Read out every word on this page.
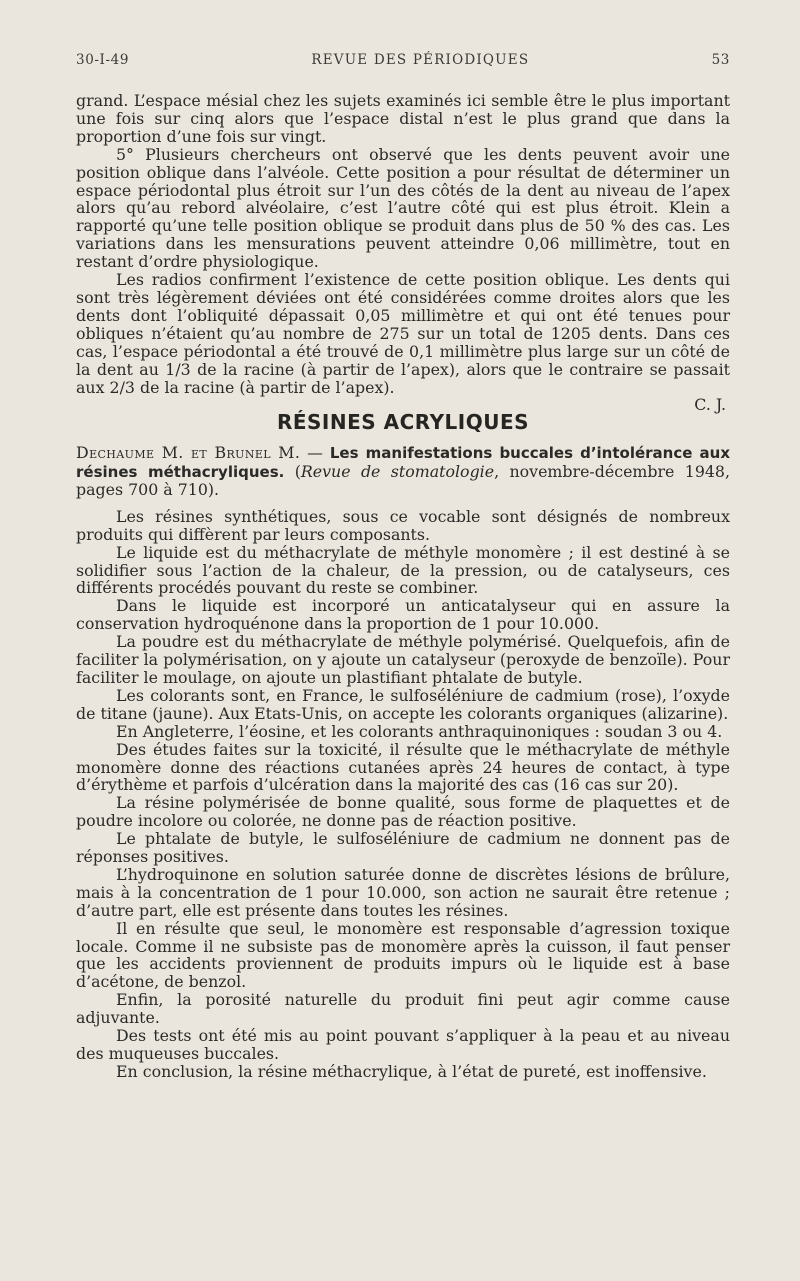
30-I-49	REVUE DES PÉRIODIQUES	53

grand. L’espace mésial chez les sujets examinés ici semble être le plus important une fois sur cinq alors que l’espace distal n’est le plus grand que dans la proportion d’une fois sur vingt.

5° Plusieurs chercheurs ont observé que les dents peuvent avoir une position oblique dans l’alvéole. Cette position a pour résultat de déterminer un espace périodontal plus étroit sur l’un des côtés de la dent au niveau de l’apex alors qu’au rebord alvéolaire, c’est l’autre côté qui est plus étroit. Klein a rapporté qu’une telle position oblique se produit dans plus de 50 % des cas. Les variations dans les mensurations peuvent atteindre 0,06 millimètre, tout en restant d’ordre physiologique.

Les radios confirment l’existence de cette position oblique. Les dents qui sont très légèrement déviées ont été considérées comme droites alors que les dents dont l’obliquité dépassait 0,05 millimètre et qui ont été tenues pour obliques n’étaient qu’au nombre de 275 sur un total de 1205 dents. Dans ces cas, l’espace périodontal a été trouvé de 0,1 millimètre plus large sur un côté de la dent au 1/3 de la racine (à partir de l’apex), alors que le contraire se passait aux 2/3 de la racine (à partir de l’apex).

C. J.

RÉSINES ACRYLIQUES

Dechaume M. et Brunel M. — Les manifestations buccales d’intolérance aux résines méthacryliques. (Revue de stomatologie, novembre-décembre 1948, pages 700 à 710).

Les résines synthétiques, sous ce vocable sont désignés de nombreux produits qui diffèrent par leurs composants.

Le liquide est du méthacrylate de méthyle monomère ; il est destiné à se solidifier sous l’action de la chaleur, de la pression, ou de catalyseurs, ces différents procédés pouvant du reste se combiner.

Dans le liquide est incorporé un anticatalyseur qui en assure la conservation hydroquénone dans la proportion de 1 pour 10.000.

La poudre est du méthacrylate de méthyle polymérisé. Quelquefois, afin de faciliter la polymérisation, on y ajoute un catalyseur (peroxyde de benzoïle). Pour faciliter le moulage, on ajoute un plastifiant phtalate de butyle.

Les colorants sont, en France, le sulfoséléniure de cadmium (rose), l’oxyde de titane (jaune). Aux Etats-Unis, on accepte les colorants organiques (alizarine).

En Angleterre, l’éosine, et les colorants anthraquinoniques : soudan 3 ou 4.

Des études faites sur la toxicité, il résulte que le méthacrylate de méthyle monomère donne des réactions cutanées après 24 heures de contact, à type d’érythème et parfois d’ulcération dans la majorité des cas (16 cas sur 20).

La résine polymérisée de bonne qualité, sous forme de plaquettes et de poudre incolore ou colorée, ne donne pas de réaction positive.

Le phtalate de butyle, le sulfoséléniure de cadmium ne donnent pas de réponses positives.

L’hydroquinone en solution saturée donne de discrètes lésions de brûlure, mais à la concentration de 1 pour 10.000, son action ne saurait être retenue ; d’autre part, elle est présente dans toutes les résines.

Il en résulte que seul, le monomère est responsable d’agression toxique locale. Comme il ne subsiste pas de monomère après la cuisson, il faut penser que les accidents proviennent de produits impurs où le liquide est à base d’acétone, de benzol.

Enfin, la porosité naturelle du produit fini peut agir comme cause adjuvante.

Des tests ont été mis au point pouvant s’appliquer à la peau et au niveau des muqueuses buccales.

En conclusion, la résine méthacrylique, à l’état de pureté, est inoffensive.
